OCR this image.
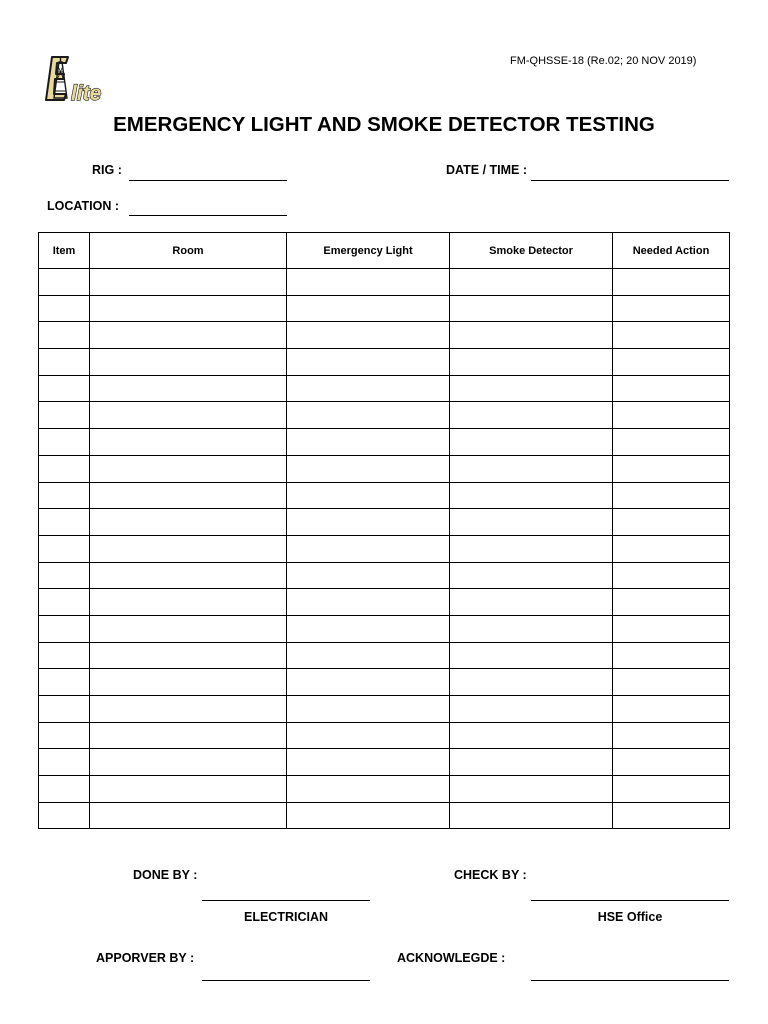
FM-QHSSE-18 (Re.02; 20 NOV 2019)
lite
EMERGENCY LIGHT AND SMOKE DETECTOR TESTING
RIG :	DATE / TIME :
LOCATION :
Item	Room	Emergency Light	Smoke Detector	Needed Action

DONE BY :
ELECTRICIAN
CHECK BY :
HSE Office
APPORVER BY :	ACKNOWLEGDE :
